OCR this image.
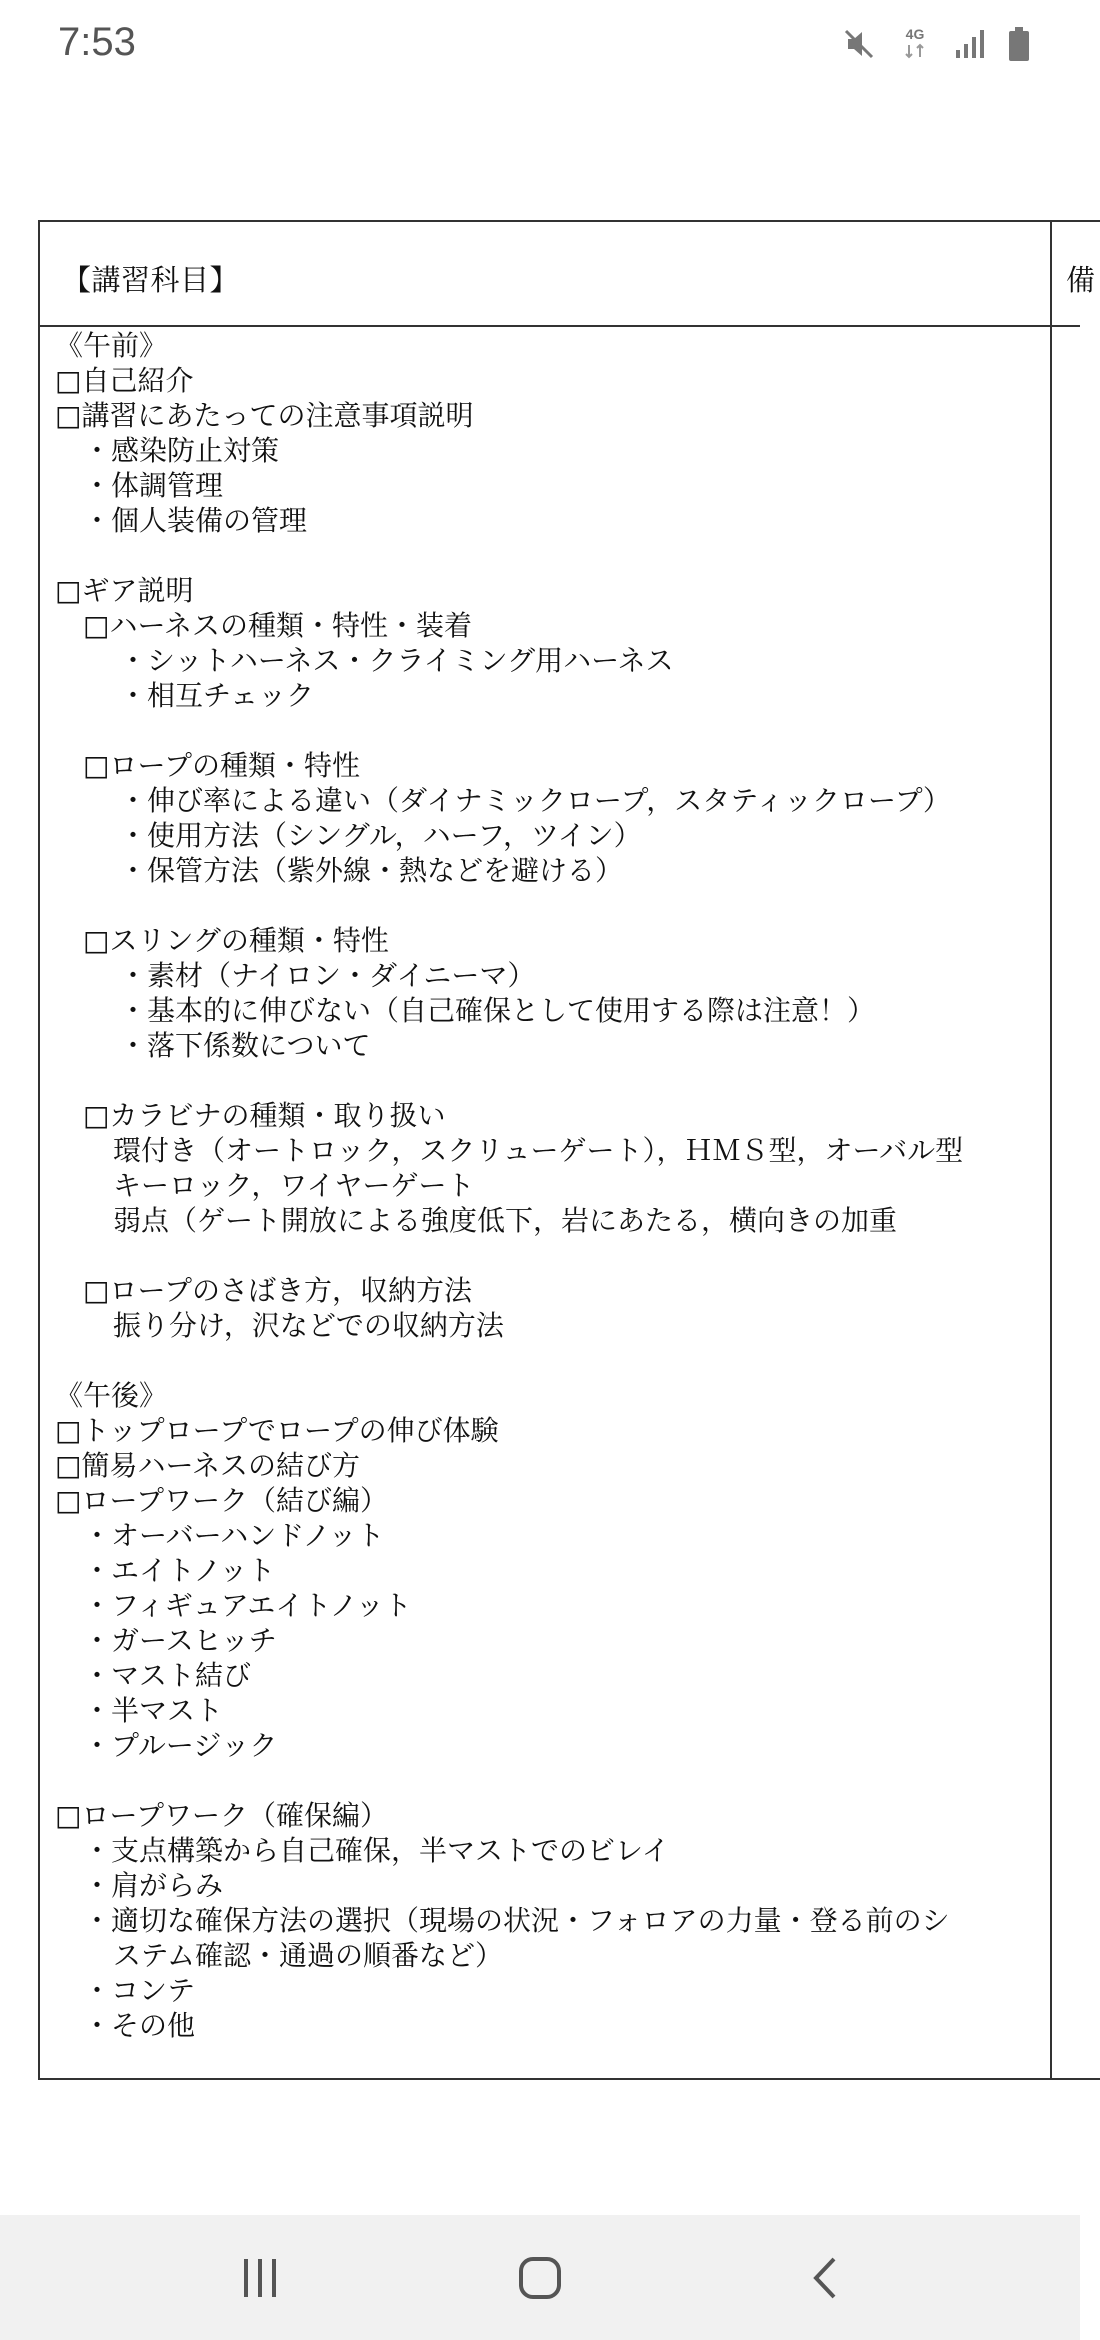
7:53	4G
【講習科目】	備
《午前》
□自己紹介
□講習にあたっての注意事項説明
・感染防止対策
・体調管理
・個人装備の管理
□ギア説明
□ハーネスの種類・特性・装着
・シットハーネス・クライミング用ハーネス
・相互チェック
□ロープの種類・特性
・伸び率による違い（ダイナミックロープ，スタティックロープ）
・使用方法（シングル，ハーフ，ツイン）
・保管方法（紫外線・熱などを避ける）
□スリングの種類・特性
・素材（ナイロン・ダイニーマ）
・基本的に伸びない（自己確保として使用する際は注意！）
・落下係数について
□カラビナの種類・取り扱い
環付き（オートロック，スクリューゲート），ＨＭＳ型，オーバル型
キーロック，ワイヤーゲート
弱点（ゲート開放による強度低下，岩にあたる，横向きの加重
□ロープのさばき方，収納方法
振り分け，沢などでの収納方法
《午後》
□トップロープでロープの伸び体験
□簡易ハーネスの結び方
□ロープワーク（結び編）
・オーバーハンドノット
・エイトノット
・フィギュアエイトノット
・ガースヒッチ
・マスト結び
・半マスト
・プルージック
□ロープワーク（確保編）
・支点構築から自己確保，半マストでのビレイ
・肩がらみ
・適切な確保方法の選択（現場の状況・フォロアの力量・登る前のシ
ステム確認・通過の順番など）
・コンテ
・その他
